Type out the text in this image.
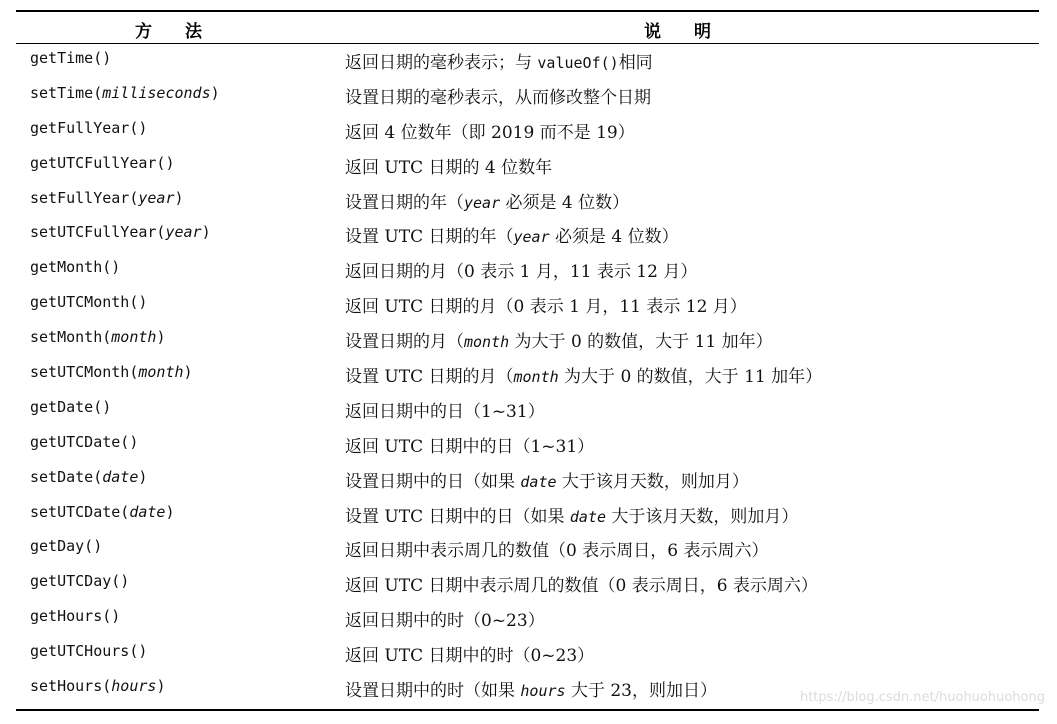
方法	说明
getTime()	返回日期的毫秒表示；与 valueOf()相同
setTime(milliseconds)	设置日期的毫秒表示，从而修改整个日期
getFullYear()	返回 4 位数年（即 2019 而不是 19）
getUTCFullYear()	返回 UTC 日期的 4 位数年
setFullYear(year)	设置日期的年（year 必须是 4 位数）
setUTCFullYear(year)	设置 UTC 日期的年（year 必须是 4 位数）
getMonth()	返回日期的月（0 表示 1 月，11 表示 12 月）
getUTCMonth()	返回 UTC 日期的月（0 表示 1 月，11 表示 12 月）
setMonth(month)	设置日期的月（month 为大于 0 的数值，大于 11 加年）
setUTCMonth(month)	设置 UTC 日期的月（month 为大于 0 的数值，大于 11 加年）
getDate()	返回日期中的日（1~31）
getUTCDate()	返回 UTC 日期中的日（1~31）
setDate(date)	设置日期中的日（如果 date 大于该月天数，则加月）
setUTCDate(date)	设置 UTC 日期中的日（如果 date 大于该月天数，则加月）
getDay()	返回日期中表示周几的数值（0 表示周日，6 表示周六）
getUTCDay()	返回 UTC 日期中表示周几的数值（0 表示周日，6 表示周六）
getHours()	返回日期中的时（0~23）
getUTCHours()	返回 UTC 日期中的时（0~23）
setHours(hours)	设置日期中的时（如果 hours 大于 23，则加日）	https://blog.csdn.net/huohuohuohong
